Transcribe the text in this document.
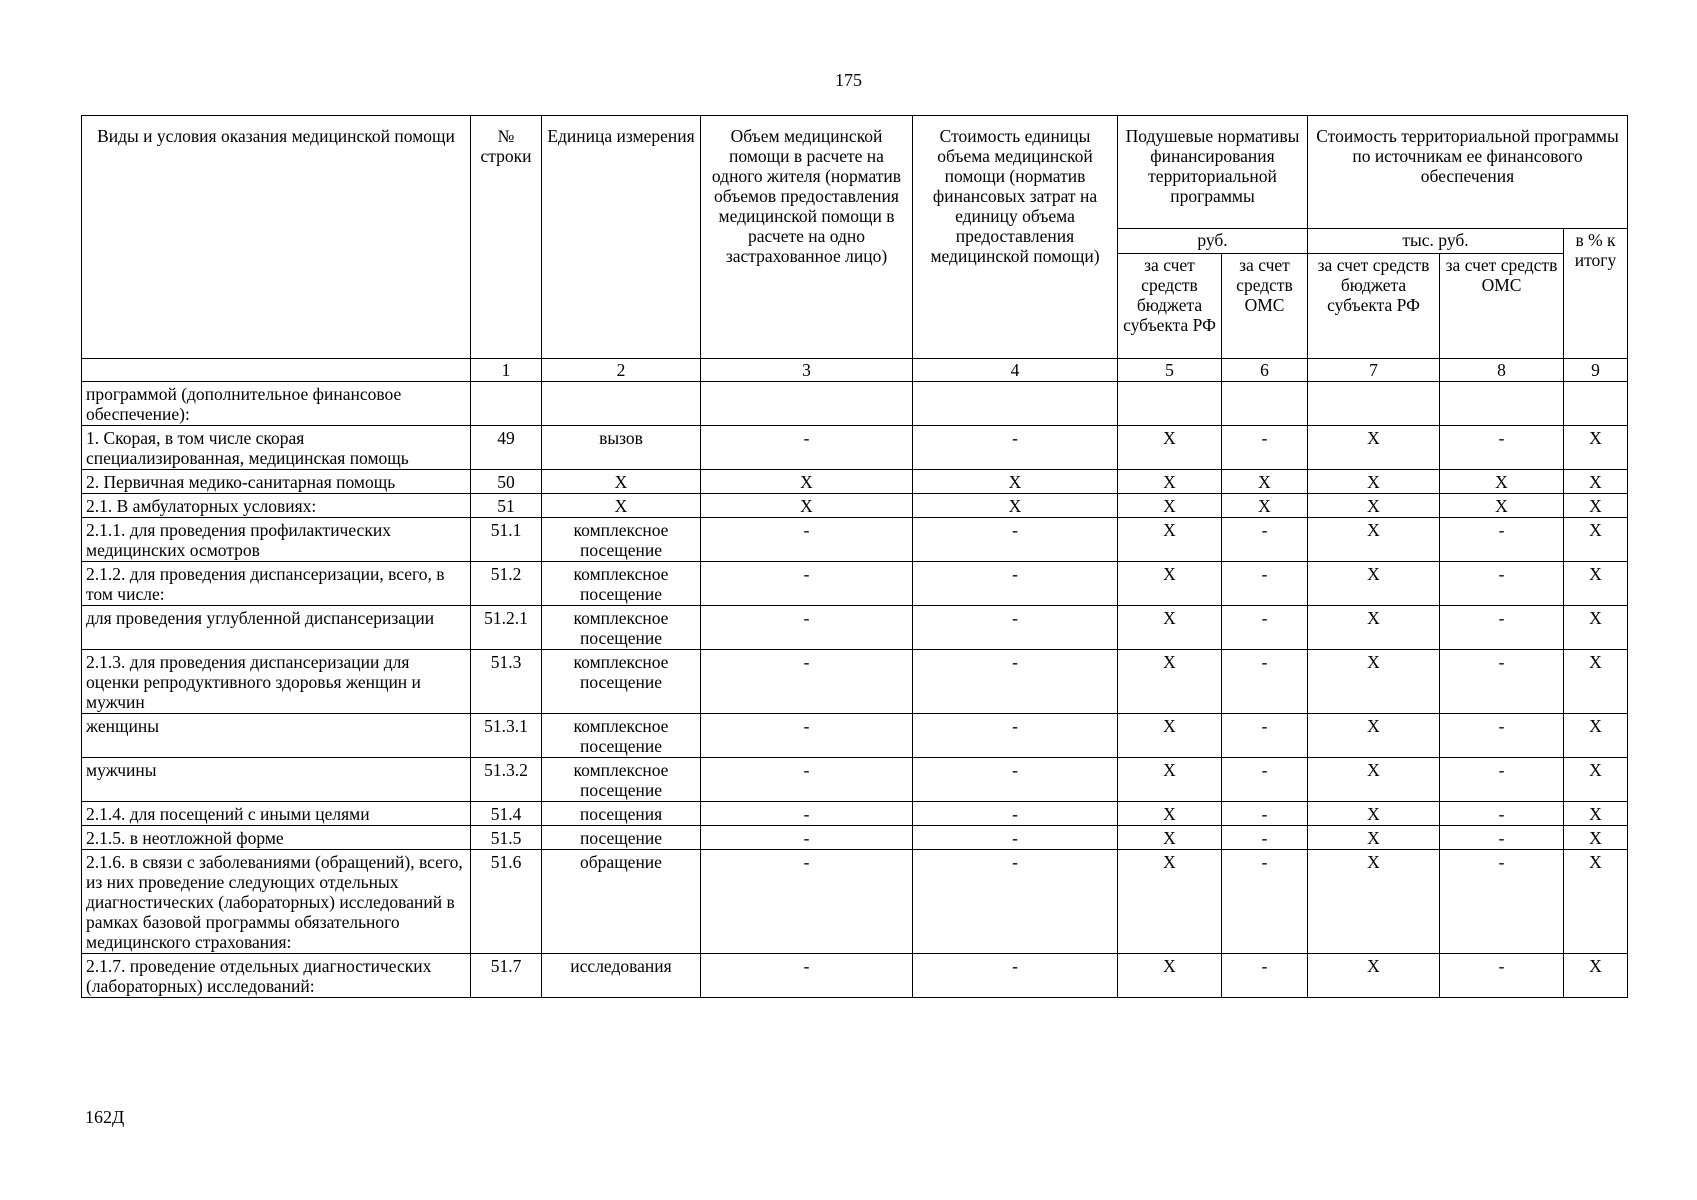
175
Виды и условия оказания медицинской помощи	№ строки	Единица измерения	Объем медицинской помощи в расчете на одного жителя (норматив объемов предоставления медицинской помощи в расчете на одно застрахованное лицо)	Стоимость единицы объема медицинской помощи (норматив финансовых затрат на единицу объема предоставления медицинской помощи)	Подушевые нормативы финансирования территориальной программы		Стоимость территориальной программы по источникам ее финансового обеспечения		
					руб.		тыс. руб.		в % к итогу
					за счет средств бюджета субъекта РФ	за счет средств ОМС	за счет средств бюджета субъекта РФ	за счет средств ОМС	
	1	2	3	4	5	6	7	8	9
программой (дополнительное финансовое обеспечение):									
1. Скорая, в том числе скорая специализированная, медицинская помощь	49	вызов	-	-	X	-	X	-	X
2. Первичная медико-санитарная помощь	50	X	X	X	X	X	X	X	X
2.1. В амбулаторных условиях:	51	X	X	X	X	X	X	X	X
2.1.1. для проведения профилактических медицинских осмотров	51.1	комплексное посещение	-	-	X	-	X	-	X
2.1.2. для проведения диспансеризации, всего, в том числе:	51.2	комплексное посещение	-	-	X	-	X	-	X
для проведения углубленной диспансеризации	51.2.1	комплексное посещение	-	-	X	-	X	-	X
2.1.3. для проведения диспансеризации для оценки репродуктивного здоровья женщин и мужчин	51.3	комплексное посещение	-	-	X	-	X	-	X
женщины	51.3.1	комплексное посещение	-	-	X	-	X	-	X
мужчины	51.3.2	комплексное посещение	-	-	X	-	X	-	X
2.1.4. для посещений с иными целями	51.4	посещения	-	-	X	-	X	-	X
2.1.5. в неотложной форме	51.5	посещение	-	-	X	-	X	-	X
2.1.6. в связи с заболеваниями (обращений), всего, из них проведение следующих отдельных диагностических (лабораторных) исследований в рамках базовой программы обязательного медицинского страхования:	51.6	обращение	-	-	X	-	X	-	X
2.1.7. проведение отдельных диагностических (лабораторных) исследований:	51.7	исследования	-	-	X	-	X	-	X
162Д
